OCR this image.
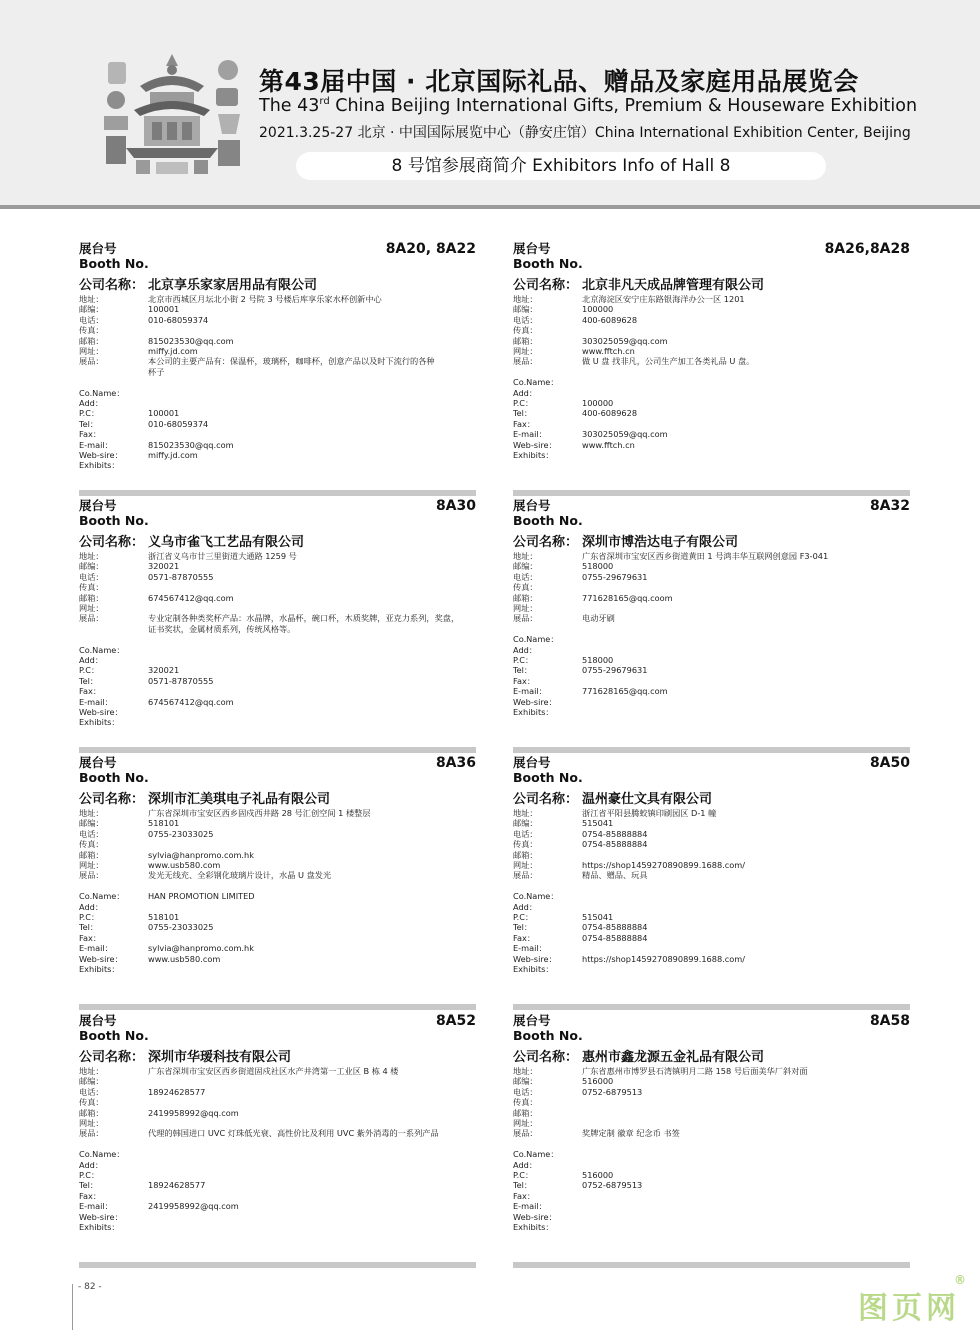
第43届中国 · 北京国际礼品、赠品及家庭用品展览会
The 43rd China Beijing International Gifts, Premium & Houseware Exhibition
2021.3.25-27 北京 · 中国国际展览中心（静安庄馆）China International Exhibition Center, Beijing
8 号馆参展商简介 Exhibitors Info of Hall 8
展台号
Booth No.
8A20, 8A22
公司名称： 北京享乐家家居用品有限公司
地址：	北京市西城区月坛北小街 2 号院 3 号楼后库享乐家水杯创新中心
邮编：	100001
电话：	010-68059374
传真：
邮箱：	815023530@qq.com
网址：	miffy.jd.com
展品：	本公司的主要产品有：保温杯，玻璃杯，咖啡杯，创意产品以及时下流行的各种
杯子
Co.Name：
Add：
P.C：	100001
Tel：	010-68059374
Fax：
E-mail：	815023530@qq.com
Web-sire：	miffy.jd.com
Exhibits：
展台号
Booth No.
8A26,8A28
公司名称： 北京非凡天成品牌管理有限公司
地址：	北京海淀区安宁庄东路银海洋办公一区 1201
邮编：	100000
电话：	400-6089628
传真：
邮箱：	303025059@qq.com
网址：	www.fftch.cn
展品：	做 U 盘 找非凡，公司生产加工各类礼品 U 盘。
Co.Name：
Add：
P.C：	100000
Tel：	400-6089628
Fax：
E-mail：	303025059@qq.com
Web-sire：	www.fftch.cn
Exhibits：
展台号
Booth No.
8A30
公司名称： 义乌市雀飞工艺品有限公司
地址：	浙江省义乌市廿三里街道大通路 1259 号
邮编：	320021
电话：	0571-87870555
传真：
邮箱：	674567412@qq.com
网址：
展品：	专业定制各种类奖杯产品：水晶牌，水晶杯，碗口杯，木质奖牌，亚克力系列，奖盘，
证书奖状，金属材质系列，传统风格等。
Co.Name：
Add：
P.C：	320021
Tel：	0571-87870555
Fax：
E-mail：	674567412@qq.com
Web-sire：
Exhibits：
展台号
Booth No.
8A32
公司名称： 深圳市博浩达电子有限公司
地址：	广东省深圳市宝安区西乡街道黄田 1 号鸿丰华互联网创意园 F3-041
邮编：	518000
电话：	0755-29679631
传真：
邮箱：	771628165@qq.coom
网址：
展品：	电动牙刷
Co.Name：
Add：
P.C：	518000
Tel：	0755-29679631
Fax：
E-mail：	771628165@qq.com
Web-sire：
Exhibits：
展台号
Booth No.
8A36
公司名称： 深圳市汇美琪电子礼品有限公司
地址：	广东省深圳市宝安区西乡固戍西井路 28 号汇创空间 1 楼整层
邮编：	518101
电话：	0755-23033025
传真：
邮箱：	sylvia@hanpromo.com.hk
网址：	www.usb580.com
展品：	发光无线充、全彩钢化玻璃片设计，水晶 U 盘发光
Co.Name：	HAN PROMOTION LIMITED
Add：
P.C：	518101
Tel：	0755-23033025
Fax：
E-mail：	sylvia@hanpromo.com.hk
Web-sire：	www.usb580.com
Exhibits：
展台号
Booth No.
8A50
公司名称： 温州豪仕文具有限公司
地址：	浙江省平阳县腾蛟镇印刷园区 D-1 幢
邮编：	515041
电话：	0754-85888884
传真：	0754-85888884
邮箱：
网址：	https://shop1459270890899.1688.com/
展品：	精品、赠品、玩具
Co.Name：
Add：
P.C：	515041
Tel：	0754-85888884
Fax：	0754-85888884
E-mail：
Web-sire：	https://shop1459270890899.1688.com/
Exhibits：
展台号
Booth No.
8A52
公司名称： 深圳市华瑷科技有限公司
地址：	广东省深圳市宝安区西乡街道固戍社区水产井湾第一工业区 B 栋 4 楼
邮编：
电话：	18924628577
传真：
邮箱：	2419958992@qq.com
网址：
展品：	代理的韩国进口 UVC 灯珠低光衰、高性价比及利用 UVC 紫外消毒的一系列产品
Co.Name：
Add：
P.C：
Tel：	18924628577
Fax：
E-mail：	2419958992@qq.com
Web-sire：
Exhibits：
展台号
Booth No.
8A58
公司名称： 惠州市鑫龙源五金礼品有限公司
地址：	广东省惠州市博罗县石湾镇明月二路 158 号后面美华厂斜对面
邮编：	516000
电话：	0752-6879513
传真：
邮箱：
网址：
展品：	奖牌定制 徽章 纪念币 书签
Co.Name：
Add：
P.C：	516000
Tel：	0752-6879513
Fax：
E-mail：
Web-sire：
Exhibits：
- 82 -
图页网
®
